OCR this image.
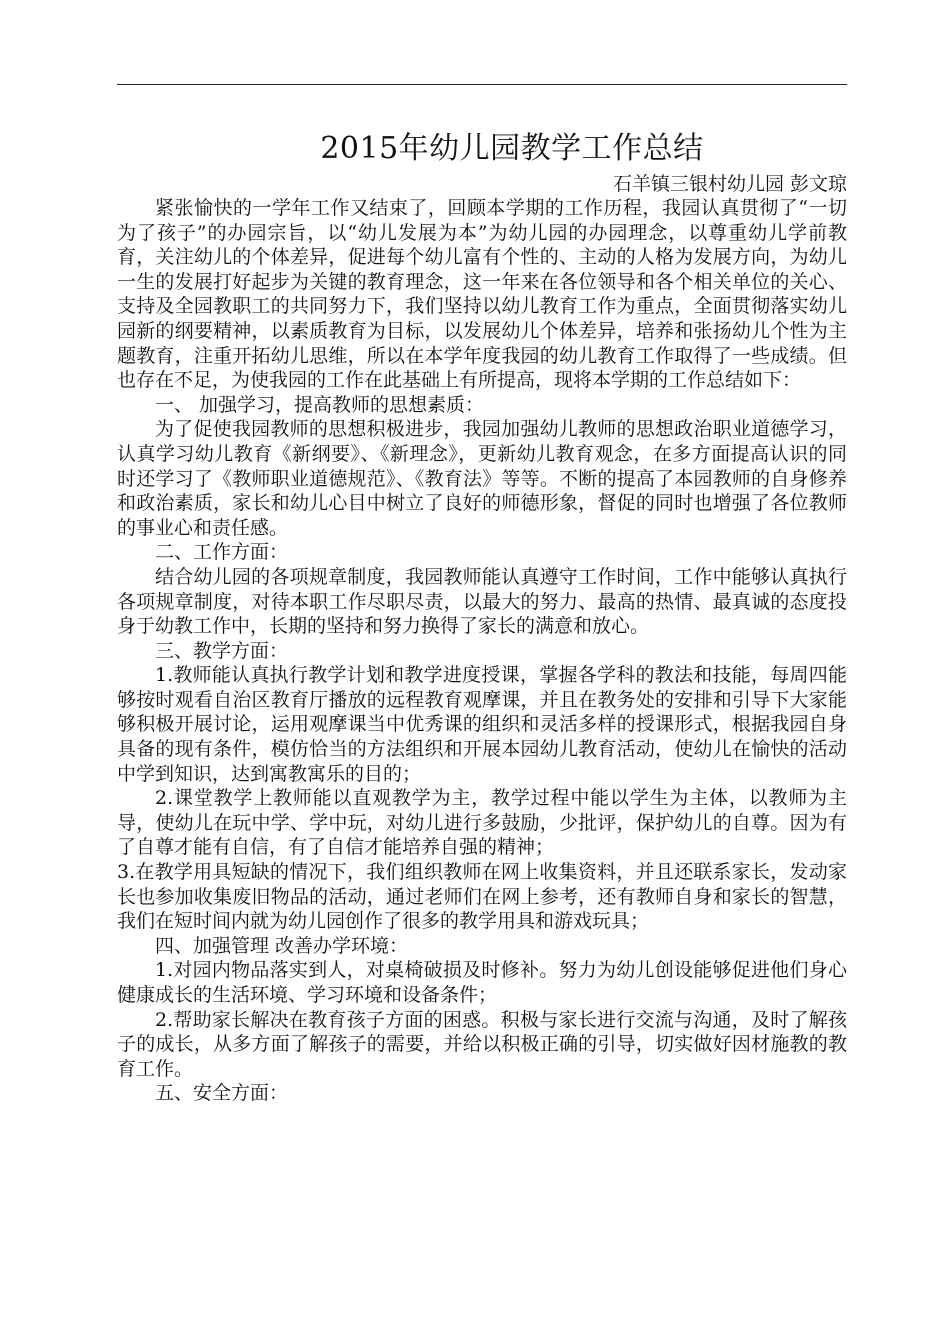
2015年幼儿园教学工作总结

石羊镇三银村幼儿园 彭文琼

紧张愉快的一学年工作又结束了，回顾本学期的工作历程，我园认真贯彻了“一切为了孩子”的办园宗旨，以“幼儿发展为本”为幼儿园的办园理念，以尊重幼儿学前教育，关注幼儿的个体差异，促进每个幼儿富有个性的、主动的人格为发展方向，为幼儿一生的发展打好起步为关键的教育理念，这一年来在各位领导和各个相关单位的关心、支持及全园教职工的共同努力下，我们坚持以幼儿教育工作为重点，全面贯彻落实幼儿园新的纲要精神，以素质教育为目标，以发展幼儿个体差异，培养和张扬幼儿个性为主题教育，注重开拓幼儿思维，所以在本学年度我园的幼儿教育工作取得了一些成绩。但也存在不足，为使我园的工作在此基础上有所提高，现将本学期的工作总结如下：

一、 加强学习，提高教师的思想素质：

为了促使我园教师的思想积极进步，我园加强幼儿教师的思想政治职业道德学习，认真学习幼儿教育《新纲要》、《新理念》，更新幼儿教育观念，在多方面提高认识的同时还学习了《教师职业道德规范》、《教育法》等等。不断的提高了本园教师的自身修养和政治素质，家长和幼儿心目中树立了良好的师德形象，督促的同时也增强了各位教师的事业心和责任感。

二、工作方面：

结合幼儿园的各项规章制度，我园教师能认真遵守工作时间，工作中能够认真执行各项规章制度，对待本职工作尽职尽责，以最大的努力、最高的热情、最真诚的态度投身于幼教工作中，长期的坚持和努力换得了家长的满意和放心。

三、教学方面：

1.教师能认真执行教学计划和教学进度授课，掌握各学科的教法和技能，每周四能够按时观看自治区教育厅播放的远程教育观摩课，并且在教务处的安排和引导下大家能够积极开展讨论，运用观摩课当中优秀课的组织和灵活多样的授课形式，根据我园自身具备的现有条件，模仿恰当的方法组织和开展本园幼儿教育活动，使幼儿在愉快的活动中学到知识，达到寓教寓乐的目的；

2.课堂教学上教师能以直观教学为主，教学过程中能以学生为主体，以教师为主导，使幼儿在玩中学、学中玩，对幼儿进行多鼓励，少批评，保护幼儿的自尊。因为有了自尊才能有自信，有了自信才能培养自强的精神；

3.在教学用具短缺的情况下，我们组织教师在网上收集资料，并且还联系家长，发动家长也参加收集废旧物品的活动，通过老师们在网上参考，还有教师自身和家长的智慧，我们在短时间内就为幼儿园创作了很多的教学用具和游戏玩具；

四、加强管理 改善办学环境：

1.对园内物品落实到人，对桌椅破损及时修补。努力为幼儿创设能够促进他们身心健康成长的生活环境、学习环境和设备条件；

2.帮助家长解决在教育孩子方面的困惑。积极与家长进行交流与沟通，及时了解孩子的成长，从多方面了解孩子的需要，并给以积极正确的引导，切实做好因材施教的教育工作。

五、安全方面：
